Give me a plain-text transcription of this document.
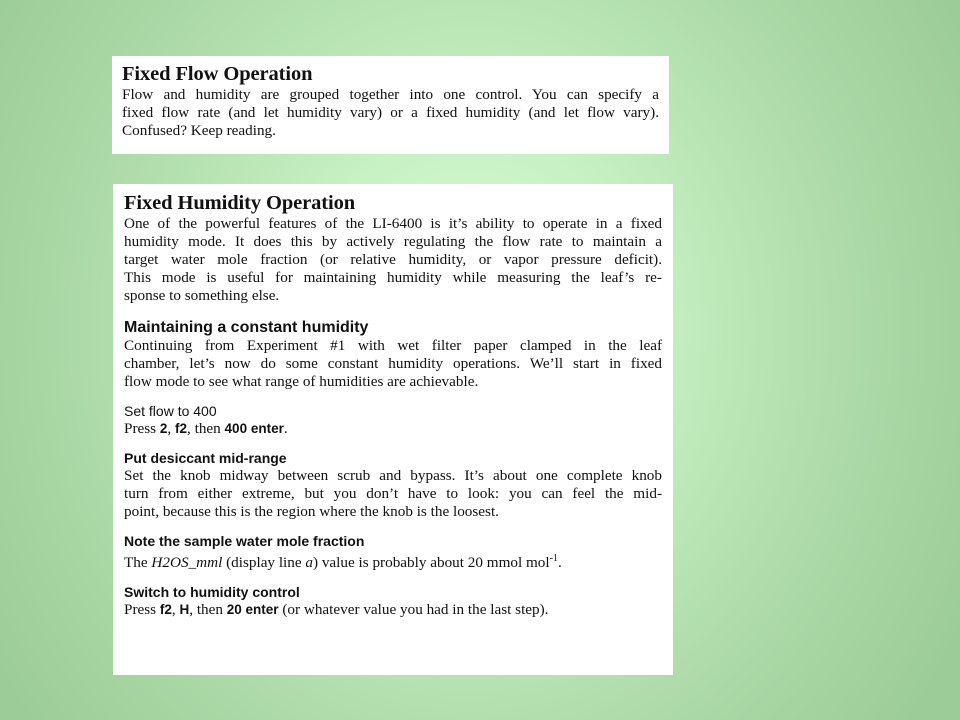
Fixed Flow Operation

Flow and humidity are grouped together into one control. You can specify a
fixed flow rate (and let humidity vary) or a fixed humidity (and let flow vary).
Confused? Keep reading.

Fixed Humidity Operation

One of the powerful features of the LI-6400 is it’s ability to operate in a fixed
humidity mode. It does this by actively regulating the flow rate to maintain a
target water mole fraction (or relative humidity, or vapor pressure deficit).
This mode is useful for maintaining humidity while measuring the leaf’s re-
sponse to something else.

Maintaining a constant humidity

Continuing from Experiment #1 with wet filter paper clamped in the leaf
chamber, let’s now do some constant humidity operations. We’ll start in fixed
flow mode to see what range of humidities are achievable.

Set flow to 400

Press 2, f2, then 400 enter.

Put desiccant mid-range

Set the knob midway between scrub and bypass. It’s about one complete knob
turn from either extreme, but you don’t have to look: you can feel the mid-
point, because this is the region where the knob is the loosest.

Note the sample water mole fraction

The H2OS_mml (display line a) value is probably about 20 mmol mol$^{-1}$.

Switch to humidity control

Press f2, H, then 20 enter (or whatever value you had in the last step).
